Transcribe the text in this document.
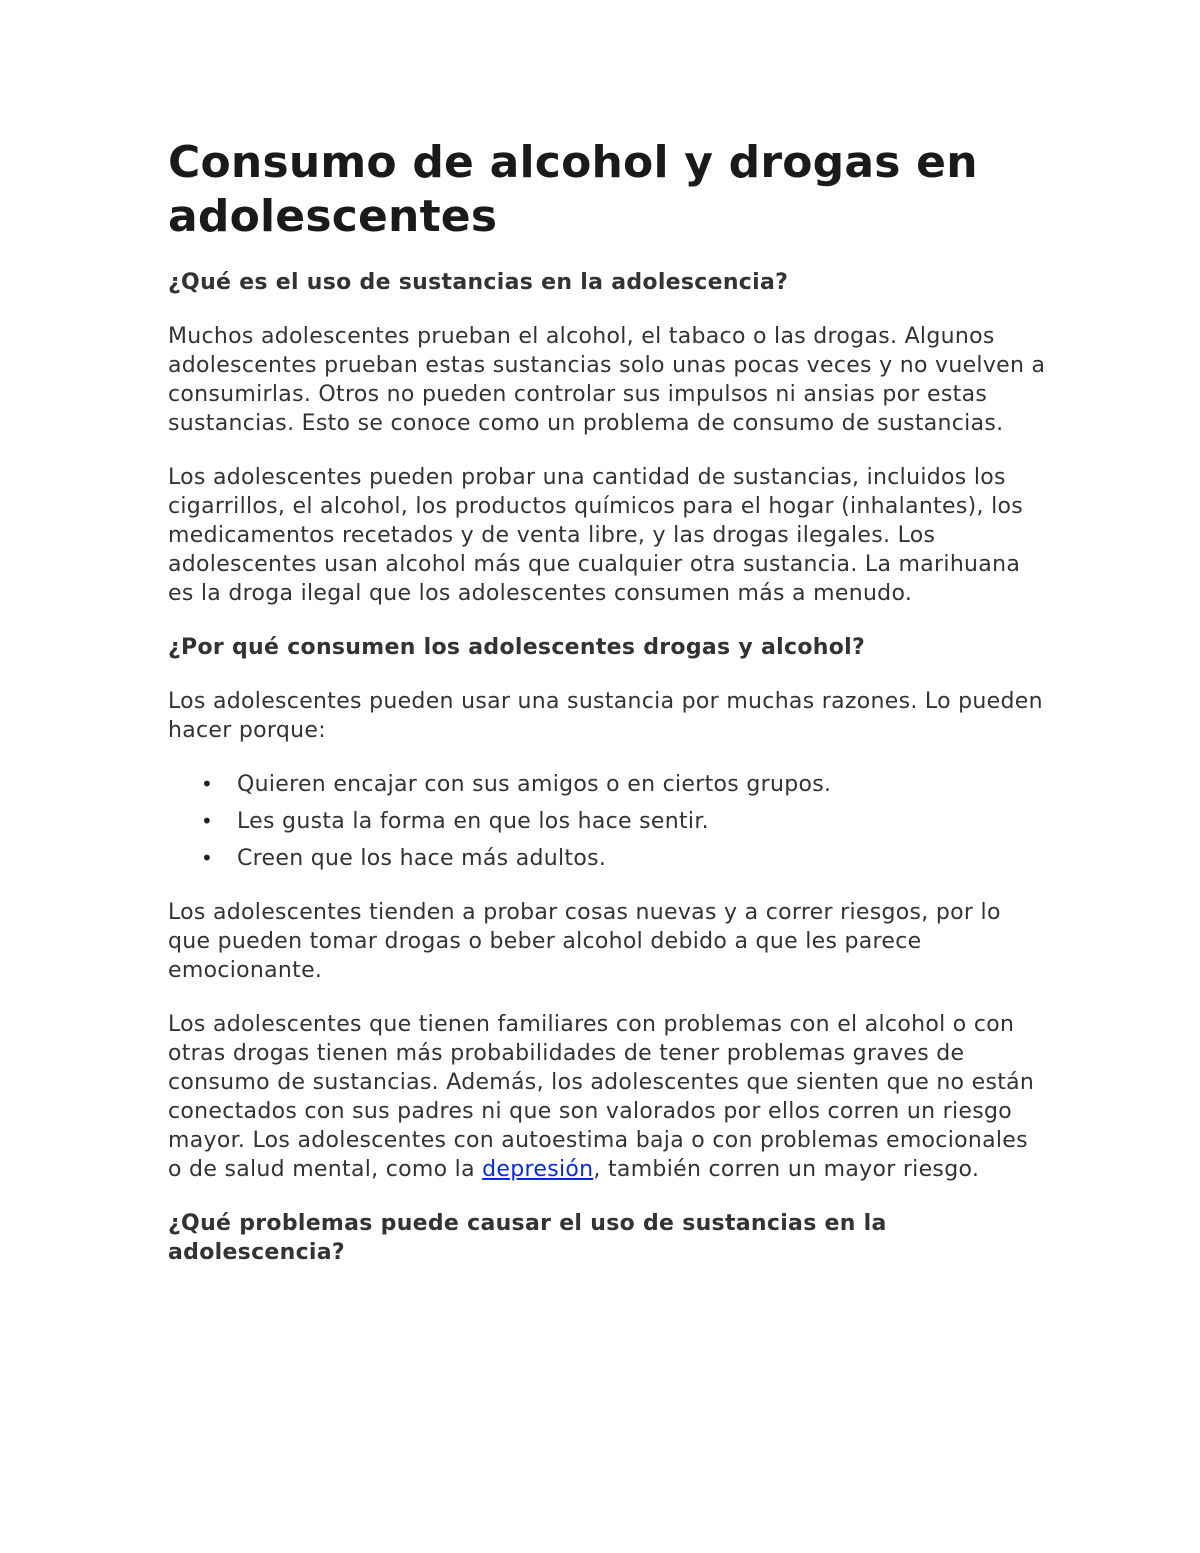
Consumo de alcohol y drogas en adolescentes
¿Qué es el uso de sustancias en la adolescencia?

Muchos adolescentes prueban el alcohol, el tabaco o las drogas. Algunos adolescentes prueban estas sustancias solo unas pocas veces y no vuelven a consumirlas. Otros no pueden controlar sus impulsos ni ansias por estas sustancias. Esto se conoce como un problema de consumo de sustancias.

Los adolescentes pueden probar una cantidad de sustancias, incluidos los cigarrillos, el alcohol, los productos químicos para el hogar (inhalantes), los medicamentos recetados y de venta libre, y las drogas ilegales. Los adolescentes usan alcohol más que cualquier otra sustancia. La marihuana es la droga ilegal que los adolescentes consumen más a menudo.

¿Por qué consumen los adolescentes drogas y alcohol?

Los adolescentes pueden usar una sustancia por muchas razones. Lo pueden hacer porque:

• Quieren encajar con sus amigos o en ciertos grupos.
• Les gusta la forma en que los hace sentir.
• Creen que los hace más adultos.

Los adolescentes tienden a probar cosas nuevas y a correr riesgos, por lo que pueden tomar drogas o beber alcohol debido a que les parece emocionante.

Los adolescentes que tienen familiares con problemas con el alcohol o con otras drogas tienen más probabilidades de tener problemas graves de consumo de sustancias. Además, los adolescentes que sienten que no están conectados con sus padres ni que son valorados por ellos corren un riesgo mayor. Los adolescentes con autoestima baja o con problemas emocionales o de salud mental, como la depresión, también corren un mayor riesgo.

¿Qué problemas puede causar el uso de sustancias en la adolescencia?
